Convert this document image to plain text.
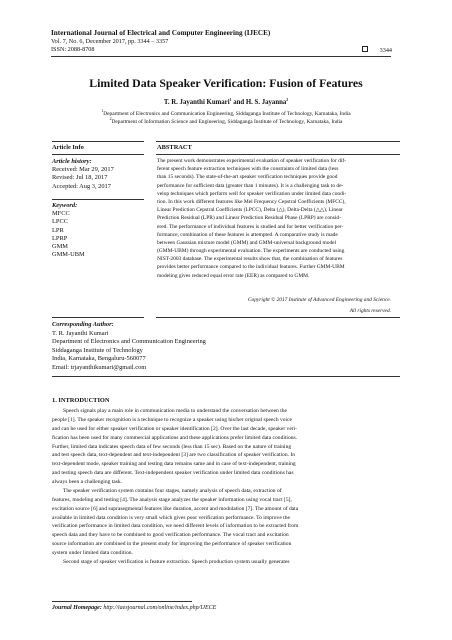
International Journal of Electrical and Computer Engineering (IJECE)
Vol. 7, No. 6, December 2017, pp. 3344 – 3357
ISSN: 2088-8708	3344
Limited Data Speaker Verification: Fusion of Features
T. R. Jayanthi Kumari$^1$ and H. S. Jayanna$^2$
$^1$Department of Electronics and Communication Engineering, Siddaganga Institute of Technology, Karnataka, India
$^2$Department of Information Science and Engineering, Siddaganga Institute of Technology, Karnataka, India
Article Info	ABSTRACT
Article history:
Received: Mar 29, 2017
Revised: Jul 18, 2017
Accepted: Aug 3, 2017
Keyword:
MFCC
LPCC
LPR
LPRP
GMM
GMM-UBM
The present work demonstrates experimental evaluation of speaker verification for dif-
ferent speech feature extraction techniques with the constraints of limited data (less
than 15 seconds). The state-of-the-art speaker verification techniques provide good
performance for sufficient data (greater than 1 minutes). It is a challenging task to de-
velop techniques which perform well for speaker verification under limited data condi-
tion. In this work different features like Mel Frequency Cepstral Coefficients (MFCC),
Linear Prediction Cepstral Coefficients (LPCC), Delta (△), Delta-Delta (△△), Linear
Prediction Residual (LPR) and Linear Prediction Residual Phase (LPRP) are consid-
ered. The performance of individual features is studied and for better verification per-
formance, combination of these features is attempted. A comparative study is made
between Gaussian mixture model (GMM) and GMM-universal background model
(GMM-UBM) through experimental evaluation. The experiments are conducted using
NIST-2003 database. The experimental results show that, the combination of features
provides better performance compared to the individual features. Further GMM-UBM
modeling gives reduced equal error rate (EER) as compared to GMM.
Copyright © 2017 Institute of Advanced Engineering and Science.
All rights reserved.
Corresponding Author:
T. R. Jayanthi Kumari
Department of Electronics and Communication Engineering
Siddaganga Institute of Technology
India, Karnataka, Bengaluru-560077
Email: trjayanthikumari@gmail.com
1. INTRODUCTION
Speech signals play a main role in communication media to understand the conversation between the
people [1]. The speaker recognition is a technique to recognize a speaker using his/her original speech voice
and can be used for either speaker verification or speaker identification [2]. Over the last decade, speaker veri-
fication has been used for many commercial applications and these applications prefer limited data conditions.
Further, limited data indicates speech data of few seconds (less than 15 sec). Based on the nature of training
and test speech data, text-dependent and text-independent [3] are two classification of speaker verification. In
text-dependent mode, speaker training and testing data remains same and in case of text-independent, training
and testing speech data are different. Text-independent speaker verification under limited data conditions has
always been a challenging task.
The speaker verification system contains four stages, namely analysis of speech data, extraction of
features, modeling and testing [4]. The analysis stage analyzes the speaker information using vocal tract [5],
excitation source [6] and suprasegmental features like duration, accent and modulation [7]. The amount of data
available in limited data condition is very small which gives poor verification performance. To improve the
verification performance in limited data condition, we need different levels of information to be extracted from
speech data and they have to be combined to good verification performance. The vocal tract and excitation
source information are combined in the present study for improving the performance of speaker verification
system under limited data condition.
Second stage of speaker verification is feature extraction. Speech production system usually generates
Journal Homepage: http://iaesjournal.com/online/index.php/IJECE
